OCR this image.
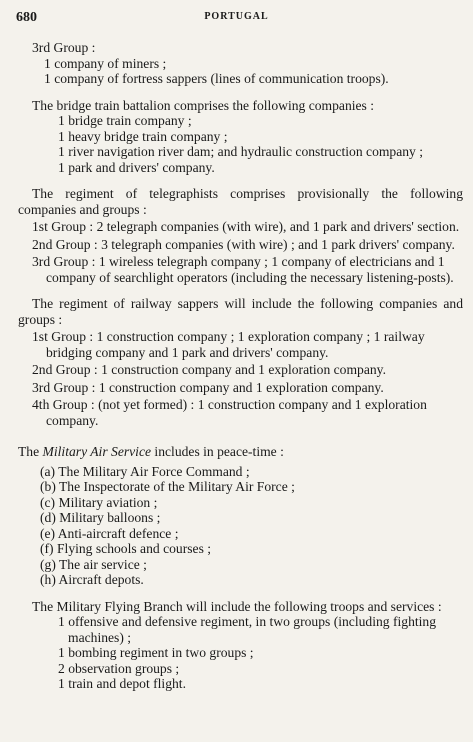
680	PORTUGAL
3rd Group :
1 company of miners ;
1 company of fortress sappers (lines of communication troops).
The bridge train battalion comprises the following companies :
1 bridge train company ;
1 heavy bridge train company ;
1 river navigation river dam; and hydraulic construction company ;
1 park and drivers' company.
The regiment of telegraphists comprises provisionally the following companies and groups :
1st Group : 2 telegraph companies (with wire), and 1 park and drivers' section.
2nd Group : 3 telegraph companies (with wire) ; and 1 park drivers' company.
3rd Group : 1 wireless telegraph company ; 1 company of electricians and 1 company of searchlight operators (including the necessary listening-posts).
The regiment of railway sappers will include the following companies and groups :
1st Group : 1 construction company ; 1 exploration company ; 1 railway bridging company and 1 park and drivers' company.
2nd Group : 1 construction company and 1 exploration company.
3rd Group : 1 construction company and 1 exploration company.
4th Group : (not yet formed) : 1 construction company and 1 exploration company.
The Military Air Service includes in peace-time :
(a) The Military Air Force Command ;
(b) The Inspectorate of the Military Air Force ;
(c) Military aviation ;
(d) Military balloons ;
(e) Anti-aircraft defence ;
(f) Flying schools and courses ;
(g) The air service ;
(h) Aircraft depots.
The Military Flying Branch will include the following troops and services :
1 offensive and defensive regiment, in two groups (including fighting machines) ;
1 bombing regiment in two groups ;
2 observation groups ;
1 train and depot flight.
